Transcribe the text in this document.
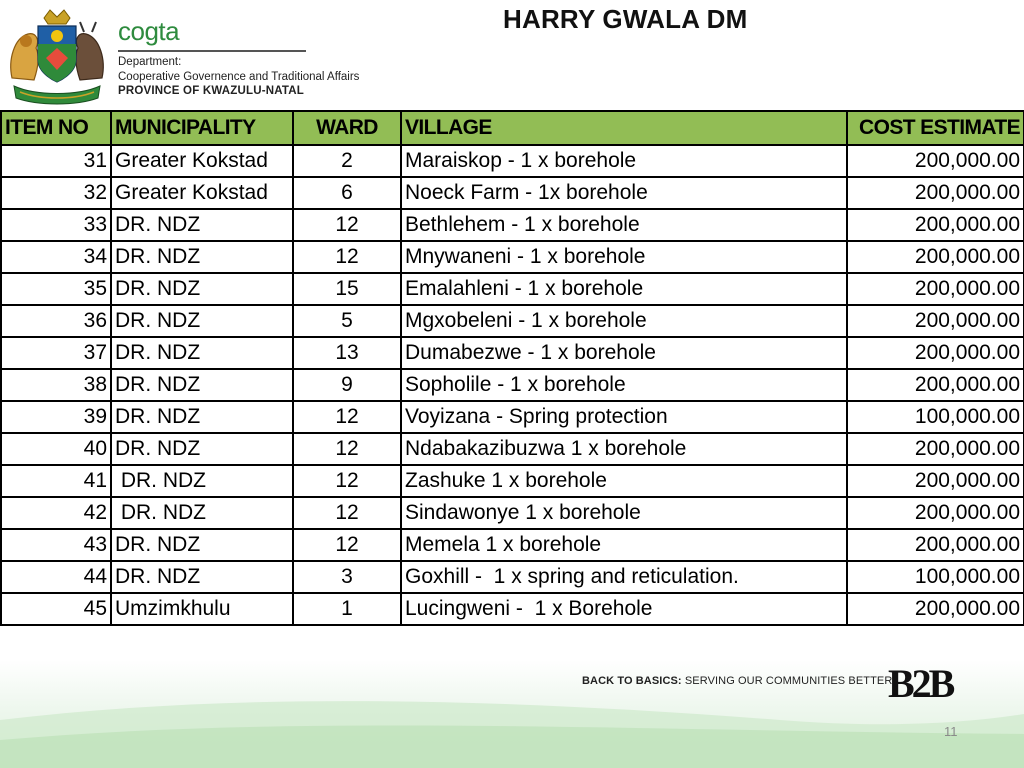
cogta
Department:
Cooperative Governence and Traditional Affairs
PROVINCE OF KWAZULU-NATAL
HARRY GWALA DM
ITEM NO	MUNICIPALITY	WARD	VILLAGE	COST ESTIMATE
31	Greater Kokstad	2	Maraiskop - 1 x borehole	200,000.00
32	Greater Kokstad	6	Noeck Farm - 1x borehole	200,000.00
33	DR. NDZ	12	Bethlehem - 1 x borehole	200,000.00
34	DR. NDZ	12	Mnywaneni - 1 x borehole	200,000.00
35	DR. NDZ	15	Emalahleni - 1 x borehole	200,000.00
36	DR. NDZ	5	Mgxobeleni - 1 x borehole	200,000.00
37	DR. NDZ	13	Dumabezwe - 1 x borehole	200,000.00
38	DR. NDZ	9	Sopholile - 1 x borehole	200,000.00
39	DR. NDZ	12	Voyizana - Spring protection	100,000.00
40	DR. NDZ	12	Ndabakazibuzwa 1 x borehole	200,000.00
41	DR. NDZ	12	Zashuke 1 x borehole	200,000.00
42	DR. NDZ	12	Sindawonye 1 x borehole	200,000.00
43	DR. NDZ	12	Memela 1 x borehole	200,000.00
44	DR. NDZ	3	Goxhill -  1 x spring and reticulation.	100,000.00
45	Umzimkhulu	1	Lucingweni -  1 x Borehole	200,000.00
BACK TO BASICS: SERVING OUR COMMUNITIES BETTER
B2B
11
